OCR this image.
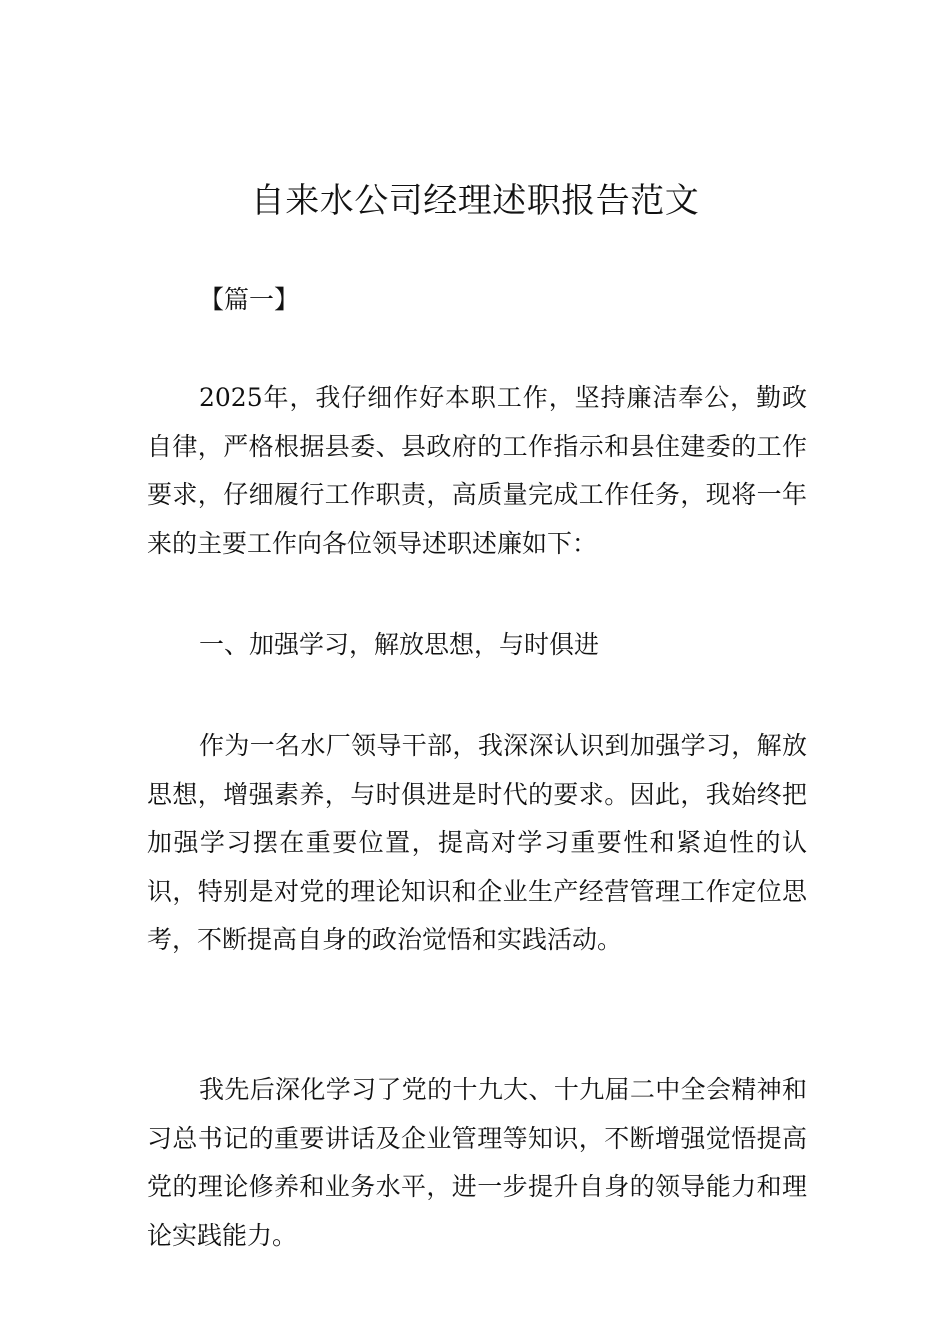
自来水公司经理述职报告范文

【篇一】

2025年，我仔细作好本职工作，坚持廉洁奉公，勤政自律，严格根据县委、县政府的工作指示和县住建委的工作要求，仔细履行工作职责，高质量完成工作任务，现将一年来的主要工作向各位领导述职述廉如下：

一、加强学习，解放思想，与时俱进

作为一名水厂领导干部，我深深认识到加强学习，解放思想，增强素养，与时俱进是时代的要求。因此，我始终把加强学习摆在重要位置，提高对学习重要性和紧迫性的认识，特别是对党的理论知识和企业生产经营管理工作定位思考，不断提高自身的政治觉悟和实践活动。

我先后深化学习了党的十九大、十九届二中全会精神和习总书记的重要讲话及企业管理等知识，不断增强觉悟提高党的理论修养和业务水平，进一步提升自身的领导能力和理论实践能力。
